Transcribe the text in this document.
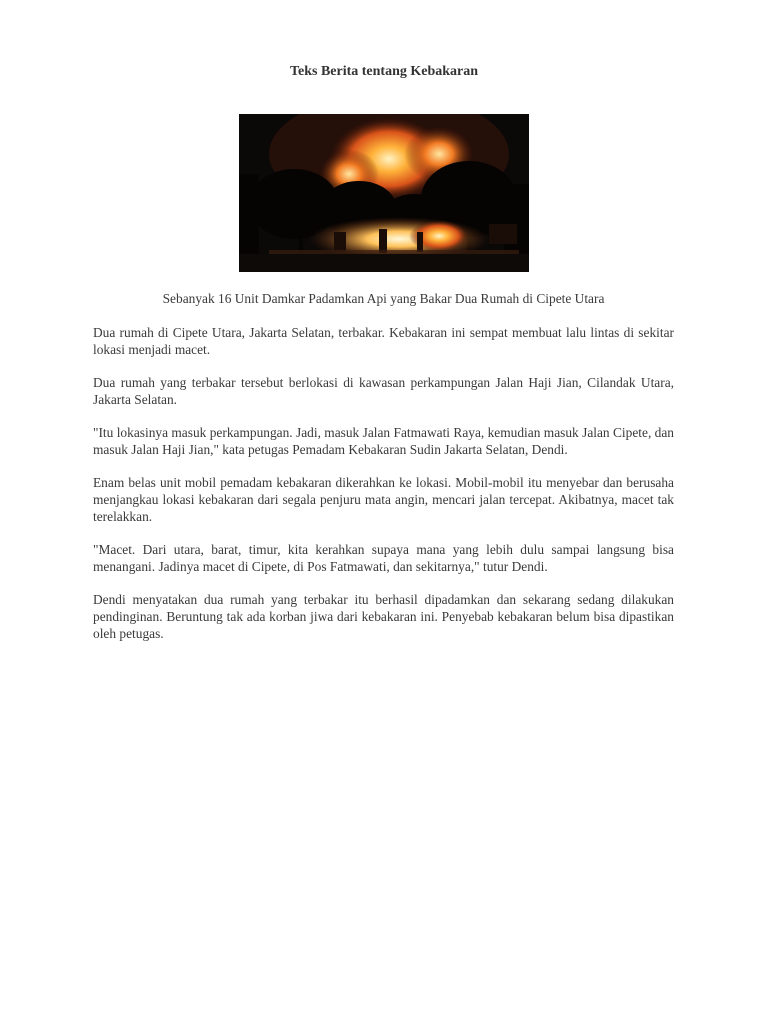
Teks Berita tentang Kebakaran
Sebanyak 16 Unit Damkar Padamkan Api yang Bakar Dua Rumah di Cipete Utara

Dua rumah di Cipete Utara, Jakarta Selatan, terbakar. Kebakaran ini sempat membuat lalu lintas di sekitar lokasi menjadi macet.

Dua rumah yang terbakar tersebut berlokasi di kawasan perkampungan Jalan Haji Jian, Cilandak Utara, Jakarta Selatan.

"Itu lokasinya masuk perkampungan. Jadi, masuk Jalan Fatmawati Raya, kemudian masuk Jalan Cipete, dan masuk Jalan Haji Jian," kata petugas Pemadam Kebakaran Sudin Jakarta Selatan, Dendi.

Enam belas unit mobil pemadam kebakaran dikerahkan ke lokasi. Mobil-mobil itu menyebar dan berusaha menjangkau lokasi kebakaran dari segala penjuru mata angin, mencari jalan tercepat. Akibatnya, macet tak terelakkan.

"Macet. Dari utara, barat, timur, kita kerahkan supaya mana yang lebih dulu sampai langsung bisa menangani. Jadinya macet di Cipete, di Pos Fatmawati, dan sekitarnya," tutur Dendi.

Dendi menyatakan dua rumah yang terbakar itu berhasil dipadamkan dan sekarang sedang dilakukan pendinginan. Beruntung tak ada korban jiwa dari kebakaran ini. Penyebab kebakaran belum bisa dipastikan oleh petugas.
